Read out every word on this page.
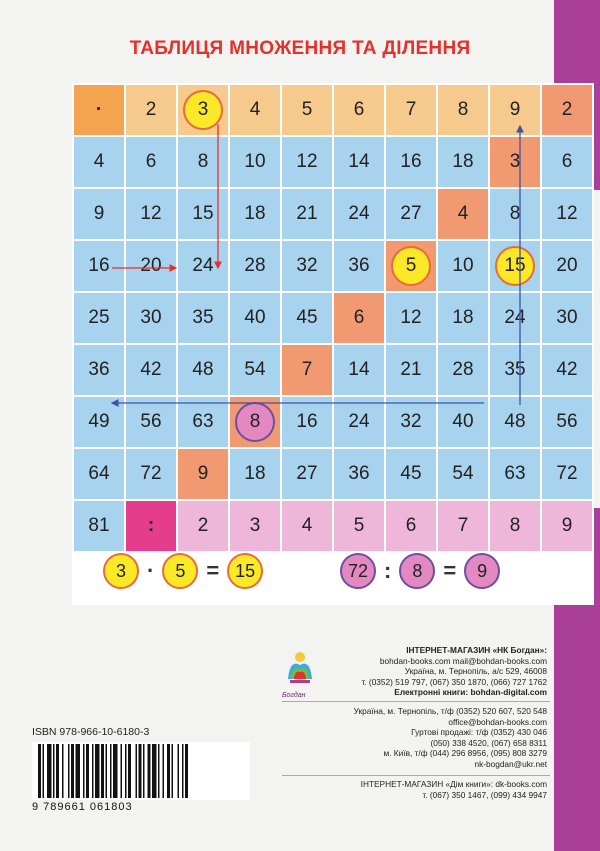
ТАБЛИЦЯ МНОЖЕННЯ ТА ДІЛЕННЯ
·	2	3	4	5	6	7	8	9	2
4	6	8	10	12	14	16	18	3	6
9	12	15	18	21	24	27	4	8	12
16	20	24	28	32	36	5	10	15	20
25	30	35	40	45	6	12	18	24	30
36	42	48	54	7	14	21	28	35	42
49	56	63	8	16	24	32	40	48	56
64	72	9	18	27	36	45	54	63	72
81	:	2	3	4	5	6	7	8	9
3 ·	5 = 15	72 :	8 =	9
Богдан
ІНТЕРНЕТ-МАГАЗИН «НК Богдан»:
bohdan-books.com mail@bohdan-books.com
Україна, м. Тернопіль, а/с 529, 46008
т. (0352) 519 797, (067) 350 1870, (066) 727 1762
Електронні книги: bohdan-digital.com
Україна, м. Тернопіль, т/ф (0352) 520 607, 520 548
office@bohdan-books.com
Гуртові продажі: т/ф (0352) 430 046
(050) 338 4520, (067) 658 8311
м. Київ, т/ф (044) 296 8956, (095) 808 3279
nk-bogdan@ukr.net
ІНТЕРНЕТ-МАГАЗИН «Дім книги»: dk-books.com
т. (067) 350 1467, (099) 434 9947
ISBN 978-966-10-6180-3
9 789661 061803
